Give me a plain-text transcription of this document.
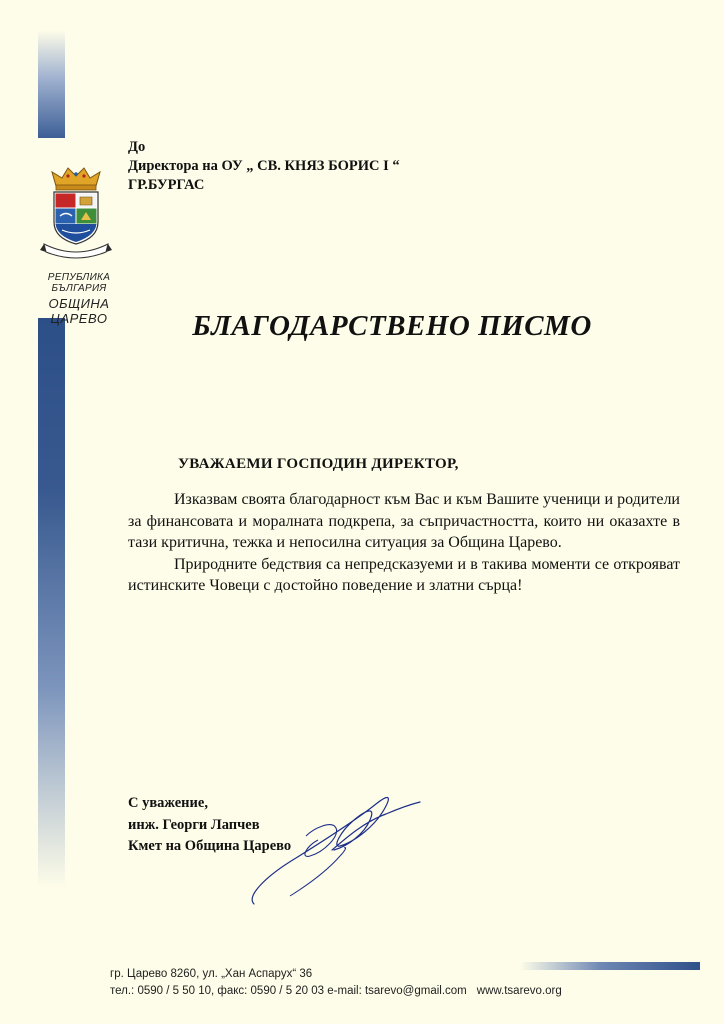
РЕПУБЛИКА БЪЛГАРИЯ
ОБЩИНА ЦАРЕВО
До
Директора на ОУ „ СВ. КНЯЗ БОРИС I “
ГР.БУРГАС
БЛАГОДАРСТВЕНО ПИСМО
УВАЖАЕМИ ГОСПОДИН ДИРЕКТОР,

Изказвам своята благодарност към Вас и към Вашите ученици и родители за финансовата и моралната подкрепа, за съпричастността, които ни оказахте в тази критична, тежка и непосилна ситуация за Община Царево.

Природните бедствия са непредсказуеми и в такива моменти се открояват истинските Човеци с достойно поведение и златни сърца!

С уважение,
инж. Георги Лапчев
Кмет на Община Царево
гр. Царево 8260, ул. „Хан Аспарух“ 36
тел.: 0590 / 5 50 10, факс: 0590 / 5 20 03 e-mail: tsarevo@gmail.com www.tsarevo.org
